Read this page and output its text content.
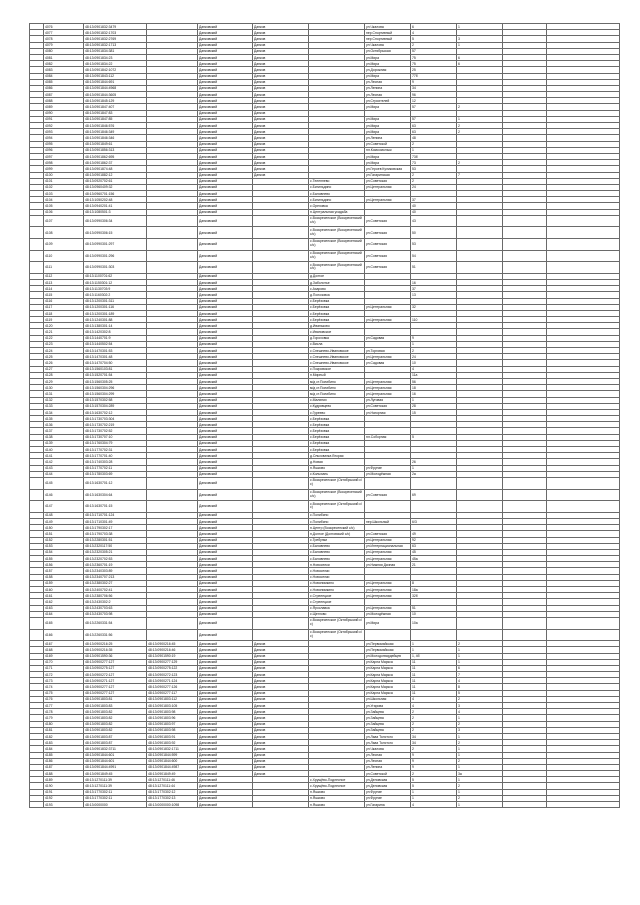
	4076	48:13:0901832:3479		Данковский	Данков		ул.Чкалова	6	1		
	4077	48:13:0901832:1703		Данковский	Данков		пер.Спортивный	4			
	4078	48:13:0901832:2769		Данковский	Данков		пер.Спортивный	5	3		
	4079	48:13:0901832:1713		Данковский	Данков		ул.Чкалова	2	1		
	4080	48:13:0901834:381		Данковский	Данков		ул.Октябрьская	57			
	4081	48:13:0901834:23		Данковский	Данков		ул.Мира	75	6		
	4082	48:13:0901834:22		Данковский	Данков		ул.Мира	75	6		
	4083	48:13:0901842:1072		Данковский	Данков		ул.Дорожная	25			
	4084	48:13:0901843:112		Данковский	Данков		ул.Мира	77б			
	4085	48:13:0901844:691		Данковский	Данков		ул.Лесная	9			
	4086	48:13:0901844:4968		Данковский	Данков		ул.Ленина	34			
	4087	48:13:0901844:3605		Данковский	Данков		ул.Лесная	96			
	4088	48:13:0901845:129		Данковский	Данков		ул.Строителей	12			
	4089	48:13:0901847:407		Данковский	Данков		ул.Мира	57	2		
	4090	48:13:0901847:83		Данковский	Данков						
	4091	48:13:0901847:85		Данковский	Данков		ул.Мира	57	1		
	4092	48:13:0901846:576		Данковский	Данков		ул.Мира	63	2		
	4093	48:13:0901846:349		Данковский	Данков		ул.Мира	63	2		
	4094	48:13:0901846:346		Данковский	Данков		ул.Ленина	48			
	4095	48:13:0901849:61		Данковский	Данков		ул.Советской	2			
	4096	48:13:0901856:313		Данковский	Данков		пл.Комсомольск	1			
	4097	48:13:0901862:695		Данковский	Данков		ул.Мира	73б			
	4098	48:13:0901862:37		Данковский	Данков		ул.Мира	73	2		
	4099	48:13:0901874:48		Данковский	Данков		ул.Героев Куликовская	53			
	4100	48:13:0901882:12		Данковский	Данков		ул.Гагаринская	2	7		
	4101	48:13:0920702:61		Данковский		с.Телепнево	ул.Советская	2			
	4102	48:13:0960409:32		Данковский		с.Бигильдино	ул.Центральная	24			
	4103	48:13:0960701:156		Данковский		с.Баловнево					
	4104	48:13:1050202:48		Данковский		с.Бигильдино	ул.Центральная	37			
	4105	48:13:0940201:41		Данковский		с.Ореховка		40			
	4106	48:13:1080501:3		Данковский		п.Центральная усадьба		40			
	4107	48:13:0990306:34		Данковский		с.Воскресенское (Воскресенский с/с)	ул.Советская	43			
	4108	48:13:0990306:15		Данковский		с.Воскресенское (Воскресенский с/с)	ул.Советская	50			
	4109	48:13:0990301:297		Данковский		с.Воскресенское (Воскресенский с/с)	ул.Советская	53			
	4110	48:13:0990301:296		Данковский		с.Воскресенское (Воскресенский с/с)	ул.Советская	54			
	4111	48:13:0990301:303		Данковский		с.Воскресенское (Воскресенский с/с)	ул.Советская	51			
	4112	48:13:1100701:62		Данковский		д.Долгое					
	4113	48:13:1150301:12		Данковский		д.Заболотье		16			
	4114	48:13:1130703:9		Данковский		с.Азарово		37			
	4115	48:13:1160302:2		Данковский		д.Полозовка		13			
	4116	48:13:1200301:311		Данковский		с.Берёзовка					
	4117	48:13:1200301:116		Данковский		с.Берёзовка	ул.Центральная	32			
	4118	48:13:1200301:189		Данковский		с.Берёзовка					
	4119	48:13:1240301:88		Данковский		с.Берёзовка	ул.Центральная	110			
	4120	48:13:1380301:14		Данковский		д.Иваньково					
	4121	48:13:1420302:8		Данковский		с.Ивановское					
	4122	48:13:1440701:9		Данковский		д.Гороховка	ул.Садовая	9			
	4123	48:13:1440502:54		Данковский		с.Висла		1			
	4124	48:13:1470301:53		Данковский		с.Спешнево-Ивановское	ул.Торговая	2			
	4125	48:13:1470301:48		Данковский		с.Спешнево-Ивановское	ул.Центральная	24			
	4126	48:13:1470704:50		Данковский		с.Спешнево-Ивановское	ул.Садовая	10			
	4127	48:13:1560103:81		Данковский		с.Покровское		4			
	4128	48:13:1520701:54		Данковский		п.Мирный		11а			
	4129	48:13:1560305:25		Данковский		м/д ст.Полибино	ул.Центральная	56			
	4130	48:13:1560304:296		Данковский		м/д ст.Полибино	ул.Центральная	18			
	4131	48:13:1560304:299		Данковский		м/д ст.Полибино	ул.Центральная	16			
	4132	48:13:1570302:58		Данковский		с.Малинки	ул.Луговая	1			
	4133	48:13:1570304:289		Данковский		с.Кудрявцево	ул.Советская	28			
	4134	48:13:1630702:12		Данковский		с.Гуреево	ул.Нагорная	15			
	4135	48:13:1730703:304		Данковский		с.Берёзовка					
	4136	48:13:1730702:219		Данковский		с.Берёзовка					
	4137	48:13:1730702:52		Данковский		с.Берёзовка					
	4138	48:13:1730707:10		Данковский		с.Берёзовка	пл.Соборная	5			
	4139	48:13:1760304:79		Данковский		с.Берёзовка					
	4140	48:13:1770702:31		Данковский		с.Берёзовка					
	4141	48:13:1770701:40		Данковский		д.Ольховатка Вторая					
	4142	48:13:1740303:28		Данковский		д.Новая		26			
	4143	48:13:1770702:11		Данковский		п.Яшково	ул.Фрунзе	1			
	4144	48:13:1780303:69		Данковский		с.Колыхань	ул.Молодёжная	2а			
	4145	48:13:1630701:12		Данковский		с.Воскресенское (Октябрьский с/с)					
	4146	48:13:1630304:64		Данковский		с.Воскресенское (Воскресенский с/с)	ул.Советская	69			
	4147	48:13:1630701:15		Данковский		с.Воскресенское (Октябрьский с/с)					
	4148	48:13:1710701:124		Данковский		с.Полибино					
	4149	48:13:1710301:49		Данковский		с.Полибино	пер.Школьный	6/3			
	4150	48:13:1790302:17		Данковский		п.Центр (Воскресенский с/с)					
	4151	48:13:1790703:38		Данковский		п.Долгое (Долговский с/с)	ул.Советская	49			
	4152	48:13:2280301:51		Данковский		с.Требунки	ул.Центральная	92			
	4153	48:13:2320117:50		Данковский		с.Баловнево	ул.Интернациональная	63			
	4154	48:13:2320305:21		Данковский		с.Баловнево	ул.Центральная	45			
	4155	48:13:2320702:53		Данковский		с.Баловнево	ул.Центральная	45а			
	4156	48:13:2360701:19		Данковский		п.Новоселки	ул.Нижняя Дачная	21			
	4157	48:13:2340303:89		Данковский		с.Новоселки					
	4158	48:13:2340707:213		Данковский		с.Новоселки					
	4159	48:13:2380302:27		Данковский		с.Новонимкино	ул.Центральная	8			
	4160	48:13:2400702:41		Данковский		с.Новонимкино	ул.Центральная	18а			
	4161	48:13:2380706:56		Данковский		с.Стрелецкое	ул.Центральная	32б			
	4162	48:13:2430302:2		Данковский		с.Стрелецкое					
	4163	48:13:2430703:63		Данковский		с.Ярославка	ул.Центральная	51			
	4164	48:13:2430703:98		Данковский		с.Щеглово	ул.Молодёжная	10			
	4165	48:13:2260331:54		Данковский		с.Воскресенское (Октябрьский с/с)	ул.Мира	10а			
	4166	48:13:2260331:56		Данковский		с.Воскресенское (Октябрьский с/с)					
	4167	48:13:0900216:25	48:13:0900216:45	Данковский	Данков		ул.Первомайская	1	2		
	4168	48:13:0900216:35	48:13:0900216:46	Данковский	Данков		ул.Первомайская	1	1		
	4169	48:13:0901590:36	48:13:0901590:19	Данковский	Данков		ул.Молодогвардейцев	1, 4б	1		
	4170	48:13:0900277:127	48:13:0900277:129	Данковский	Данков		ул.Карла Маркса	11	1		
	4171	48:13:0900275:127	48:13:0900275:122	Данковский	Данков		ул.Карла Маркса	11	6		
	4172	48:13:0900272:127	48:13:0900272:123	Данковский	Данков		ул.Карла Маркса	11	7		
	4173	48:13:0900271:127	48:13:0900271:124	Данковский	Данков		ул.Карла Маркса	11	4		
	4174	48:13:0900277:127	48:13:0900277:126	Данковский	Данков		ул.Карла Маркса	11	8		
	4175	48:13:0900277:127	48:13:0900277:117	Данковский	Данков		ул.Карла Маркса	11	5		
	4176	48:13:0901803:81	48:13:0901803:112	Данковский	Данков		ул.Школьная	4	2		
	4177	48:13:0901803:83	48:13:0901803:105	Данковский	Данков		ул.Угарова	4	3		
	4178	48:13:0901803:82	48:13:0901803:98	Данковский	Данков		ул.Зайцева	2	4		
	4179	48:13:0901803:82	48:13:0901803:96	Данковский	Данков		ул.Зайцева	2	1		
	4180	48:13:0901803:82	48:13:0901803:97	Данковский	Данков		ул.Зайцева	2	2		
	4181	48:13:0901803:82	48:13:0901803:98	Данковский	Данков		ул.Зайцева	2	3		
	4182	48:13:0901803:87	48:13:0901803:91	Данковский	Данков		ул.Льва Толстого	34	1		
	4183	48:13:0901803:87	48:13:0901803:92	Данковский	Данков		ул.Льва Толстого	34	2		
	4184	48:13:0901832:3711	48:13:0901832:1711	Данковский	Данков		ул.Чкалова	2	1		
	4185	48:13:0901844:601	48:13:0901844:599	Данковский	Данков		ул.Лесная	9	1		
	4186	48:13:0901844:601	48:13:0901844:600	Данковский	Данков		ул.Лесная	9	2		
	4187	48:13:0901844:4991	48:13:0901844:4987	Данковский	Данков		ул.Ленина	9	1		
	4188	48:13:0901849:45	48:13:0901849:49	Данковский	Данков		ул.Советской	2	3а		
	4189	48:13:1270111:39	48:13:1270111:46	Данковский		с.Хрущёво-Подлесное	ул.Деловская	5	1		
	4190	48:13:1270111:39	48:13:1270111:44	Данковский		с.Хрущёво-Подлесное	ул.Деловская	5	2		
	4191	48:13:1770302:11	48:13:1770302:12	Данковский		п.Яшково	ул.Фрунзе	1	1		
	4192	48:13:1770302:11	48:13:1770302:13	Данковский		п.Яшково	ул.Фрунзе	1	2		
	4193	48:13:0000000	48:13:0000000:1098	Данковский		п.Яшково	ул.Гагарина	4	1		
